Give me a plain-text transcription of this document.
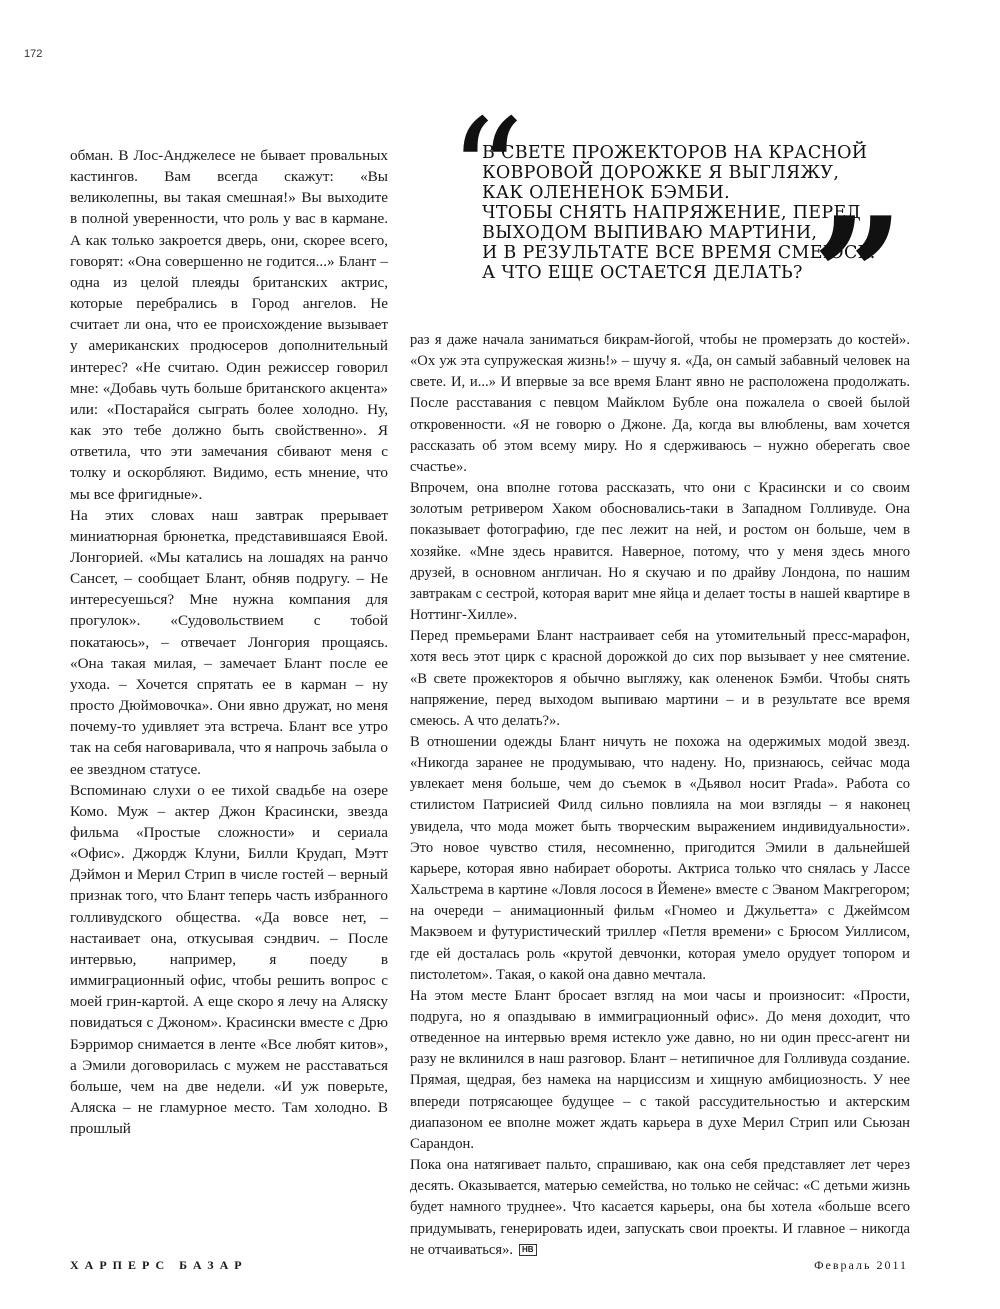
172
“
В СВЕТЕ ПРОЖЕКТОРОВ НА КРАСНОЙ
КОВРОВОЙ ДОРОЖКЕ Я ВЫГЛЯЖУ,
КАК ОЛЕНЕНОК БЭМБИ.
ЧТОБЫ СНЯТЬ НАПРЯЖЕНИЕ, ПЕРЕД
ВЫХОДОМ ВЫПИВАЮ МАРТИНИ,
И В РЕЗУЛЬТАТЕ ВСЕ ВРЕМЯ СМЕЮСЬ.
А ЧТО ЕЩЕ ОСТАЕТСЯ ДЕЛАТЬ? ”

обман. В Лос-Анджелесе не бывает провальных кастингов. Вам всегда скажут: «Вы великолепны, вы такая смешная!» Вы выходите в полной уверенности, что роль у вас в кармане. А как только закроется дверь, они, скорее всего, говорят: «Она совершенно не годится...» Блант – одна из целой плеяды британских актрис, которые перебрались в Город ангелов. Не считает ли она, что ее происхождение вызывает у американских продюсеров дополнительный интерес? «Не считаю. Один режиссер говорил мне: «Добавь чуть больше британского акцента» или: «Постарайся сыграть более холодно. Ну, как это тебе должно быть свойственно». Я ответила, что эти замечания сбивают меня с толку и оскорбляют. Видимо, есть мнение, что мы все фригидные».

На этих словах наш завтрак прерывает миниатюрная брюнетка, представившаяся Евой. Лонгорией. «Мы катались на лошадях на ранчо Сансет, – сообщает Блант, обняв подругу. – Не интересуешься? Мне нужна компания для прогулок». «Судовольствием с тобой покатаюсь», – отвечает Лонгория прощаясь. «Она такая милая, – замечает Блант после ее ухода. – Хочется спрятать ее в карман – ну просто Дюймовочка». Они явно дружат, но меня почему-то удивляет эта встреча. Блант все утро так на себя наговаривала, что я напрочь забыла о ее звездном статусе.

Вспоминаю слухи о ее тихой свадьбе на озере Комо. Муж – актер Джон Красински, звезда фильма «Простые сложности» и сериала «Офис». Джордж Клуни, Билли Крудап, Мэтт Дэймон и Мерил Стрип в числе гостей – верный признак того, что Блант теперь часть избранного голливудского общества. «Да вовсе нет, – настаивает она, откусывая сэндвич. – После интервью, например, я поеду в иммиграционный офис, чтобы решить вопрос с моей грин-картой. А еще скоро я лечу на Аляску повидаться с Джоном». Красински вместе с Дрю Бэрримор снимается в ленте «Все любят китов», а Эмили договорилась с мужем не расставаться больше, чем на две недели. «И уж поверьте, Аляска – не гламурное место. Там холодно. В прошлый

раз я даже начала заниматься бикрам-йогой, чтобы не промерзать до костей». «Ох уж эта супружеская жизнь!» – шучу я. «Да, он самый забавный человек на свете. И, и...» И впервые за все время Блант явно не расположена продолжать. После расставания с певцом Майклом Бубле она пожалела о своей былой откровенности. «Я не говорю о Джоне. Да, когда вы влюблены, вам хочется рассказать об этом всему миру. Но я сдерживаюсь – нужно оберегать свое счастье».

Впрочем, она вполне готова рассказать, что они с Красински и со своим золотым ретривером Хаком обосновались-таки в Западном Голливуде. Она показывает фотографию, где пес лежит на ней, и ростом он больше, чем в хозяйке. «Мне здесь нравится. Наверное, потому, что у меня здесь много друзей, в основном англичан. Но я скучаю и по драйву Лондона, по нашим завтракам с сестрой, которая варит мне яйца и делает тосты в нашей квартире в Ноттинг-Хилле».

Перед премьерами Блант настраивает себя на утомительный пресс-марафон, хотя весь этот цирк с красной дорожкой до сих пор вызывает у нее смятение. «В свете прожекторов я обычно выгляжу, как олененок Бэмби. Чтобы снять напряжение, перед выходом выпиваю мартини – и в результате все время смеюсь. А что делать?».

В отношении одежды Блант ничуть не похожа на одержимых модой звезд. «Никогда заранее не продумываю, что надену. Но, признаюсь, сейчас мода увлекает меня больше, чем до съемок в «Дьявол носит Prada». Работа со стилистом Патрисией Филд сильно повлияла на мои взгляды – я наконец увидела, что мода может быть творческим выражением индивидуальности». Это новое чувство стиля, несомненно, пригодится Эмили в дальнейшей карьере, которая явно набирает обороты. Актриса только что снялась у Лассе Хальстрема в картине «Ловля лосося в Йемене» вместе с Эваном Макгрегором; на очереди – анимационный фильм «Гномео и Джульетта» с Джеймсом Макэвоем и футуристический триллер «Петля времени» с Брюсом Уиллисом, где ей досталась роль «крутой девчонки, которая умело орудует топором и пистолетом». Такая, о какой она давно мечтала.

На этом месте Блант бросает взгляд на мои часы и произносит: «Прости, подруга, но я опаздываю в иммиграционный офис». До меня доходит, что отведенное на интервью время истекло уже давно, но ни один пресс-агент ни разу не вклинился в наш разговор. Блант – нетипичное для Голливуда создание. Прямая, щедрая, без намека на нарциссизм и хищную амбициозность. У нее впереди потрясающее будущее – с такой рассудительностью и актерским диапазоном ее вполне может ждать карьера в духе Мерил Стрип или Сьюзан Сарандон.

Пока она натягивает пальто, спрашиваю, как она себя представляет лет через десять. Оказывается, матерью семейства, но только не сейчас: «С детьми жизнь будет намного труднее». Что касается карьеры, она бы хотела «больше всего придумывать, генерировать идеи, запускать свои проекты. И главное – никогда не отчаиваться». HB

ХАРПЕРС БАЗАР	Февраль 2011
